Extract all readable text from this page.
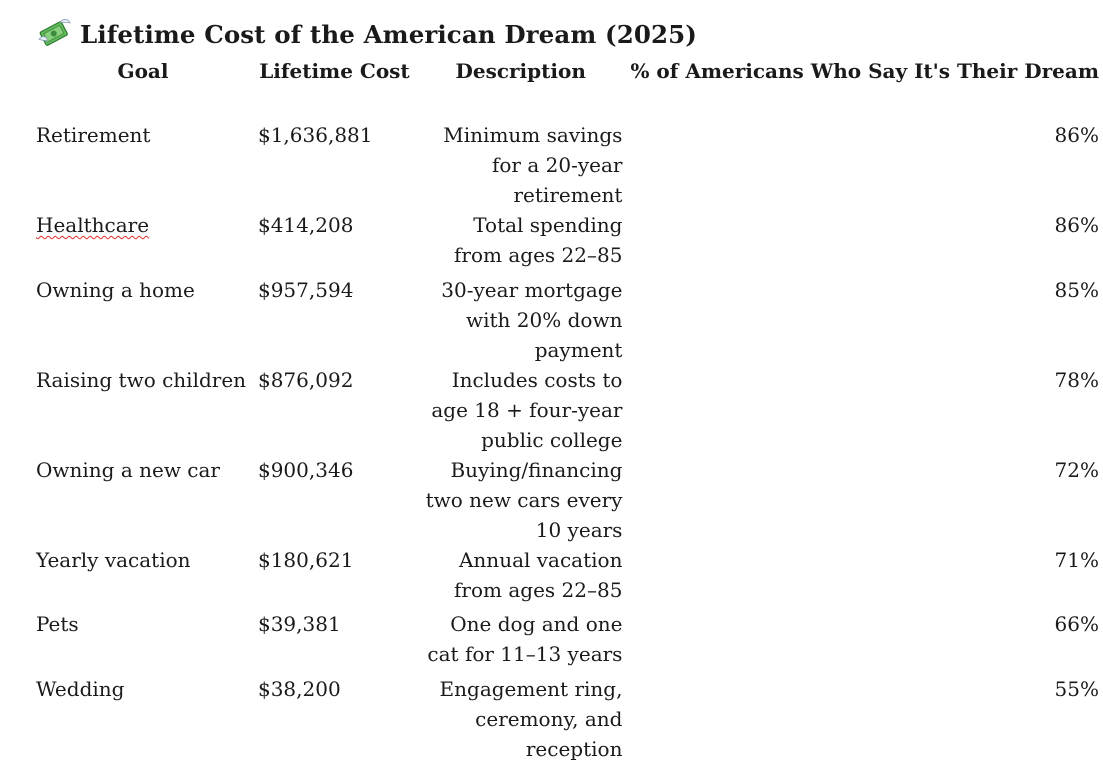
Lifetime Cost of the American Dream (2025)
Goal	Lifetime Cost	Description	% of Americans Who Say It's Their Dream
Retirement	$1,636,881	Minimum savings for a 20-year retirement	86%
Healthcare	$414,208	Total spending from ages 22–85	86%
Owning a home	$957,594	30-year mortgage with 20% down payment	85%
Raising two children	$876,092	Includes costs to age 18 + four-year public college	78%
Owning a new car	$900,346	Buying/financing two new cars every 10 years	72%
Yearly vacation	$180,621	Annual vacation from ages 22–85	71%
Pets	$39,381	One dog and one cat for 11–13 years	66%
Wedding	$38,200	Engagement ring, ceremony, and reception	55%
